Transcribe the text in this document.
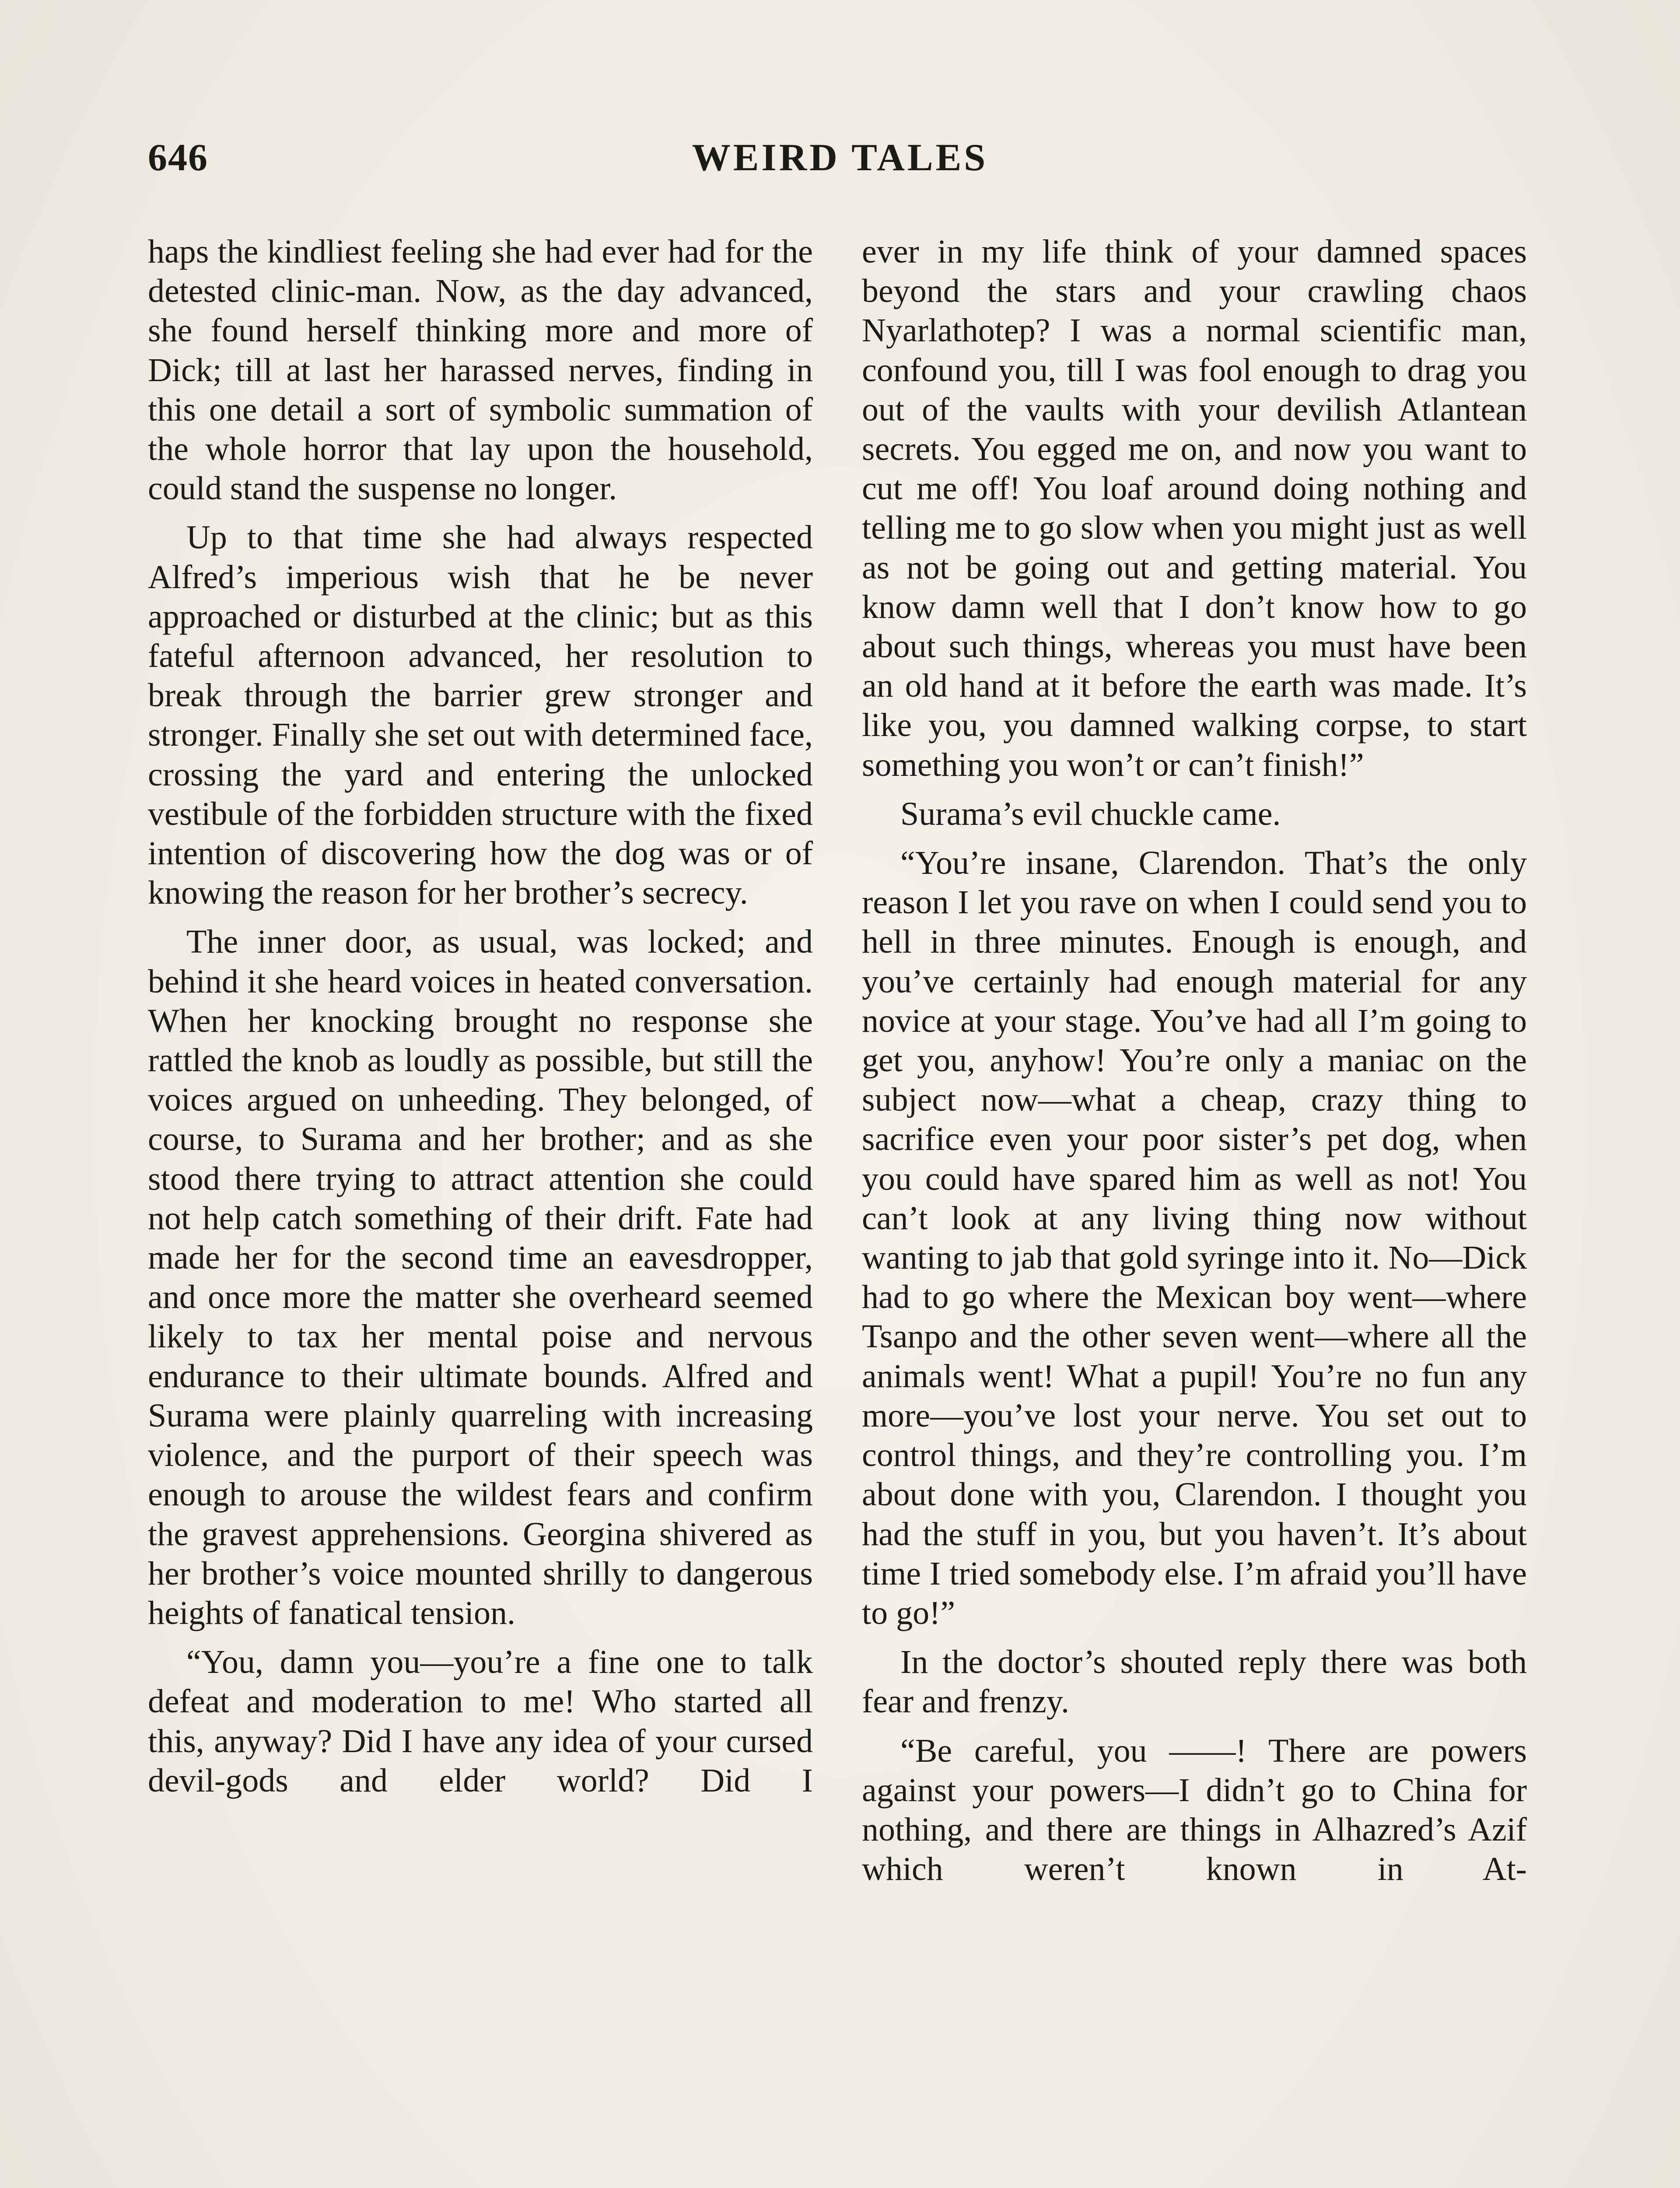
646	WEIRD TALES

haps the kindliest feeling she had ever had for the detested clinic-man. Now, as the day advanced, she found herself thinking more and more of Dick; till at last her harassed nerves, finding in this one detail a sort of symbolic summation of the whole horror that lay upon the household, could stand the suspense no longer.

Up to that time she had always respected Alfred’s imperious wish that he be never approached or disturbed at the clinic; but as this fateful afternoon advanced, her resolution to break through the barrier grew stronger and stronger. Finally she set out with determined face, crossing the yard and entering the unlocked vestibule of the forbidden structure with the fixed intention of discovering how the dog was or of knowing the reason for her brother’s secrecy.

The inner door, as usual, was locked; and behind it she heard voices in heated conversation. When her knocking brought no response she rattled the knob as loudly as possible, but still the voices argued on unheeding. They belonged, of course, to Surama and her brother; and as she stood there trying to attract attention she could not help catch something of their drift. Fate had made her for the second time an eavesdropper, and once more the matter she overheard seemed likely to tax her mental poise and nervous endurance to their ultimate bounds. Alfred and Surama were plainly quarreling with increasing violence, and the purport of their speech was enough to arouse the wildest fears and confirm the gravest apprehensions. Georgina shivered as her brother’s voice mounted shrilly to dangerous heights of fanatical tension.

“You, damn you—you’re a fine one to talk defeat and moderation to me! Who started all this, anyway? Did I have any idea of your cursed devil-gods and elder world? Did I

ever in my life think of your damned spaces beyond the stars and your crawling chaos Nyarlathotep? I was a normal scientific man, confound you, till I was fool enough to drag you out of the vaults with your devilish Atlantean secrets. You egged me on, and now you want to cut me off! You loaf around doing nothing and telling me to go slow when you might just as well as not be going out and getting material. You know damn well that I don’t know how to go about such things, whereas you must have been an old hand at it before the earth was made. It’s like you, you damned walking corpse, to start something you won’t or can’t finish!”

Surama’s evil chuckle came.

“You’re insane, Clarendon. That’s the only reason I let you rave on when I could send you to hell in three minutes. Enough is enough, and you’ve certainly had enough material for any novice at your stage. You’ve had all I’m going to get you, anyhow! You’re only a maniac on the subject now—what a cheap, crazy thing to sacrifice even your poor sister’s pet dog, when you could have spared him as well as not! You can’t look at any living thing now without wanting to jab that gold syringe into it. No—Dick had to go where the Mexican boy went—where Tsanpo and the other seven went—where all the animals went! What a pupil! You’re no fun any more—you’ve lost your nerve. You set out to control things, and they’re controlling you. I’m about done with you, Clarendon. I thought you had the stuff in you, but you haven’t. It’s about time I tried somebody else. I’m afraid you’ll have to go!”

In the doctor’s shouted reply there was both fear and frenzy.

“Be careful, you ——! There are powers against your powers—I didn’t go to China for nothing, and there are things in Alhazred’s Azif which weren’t known in At-
